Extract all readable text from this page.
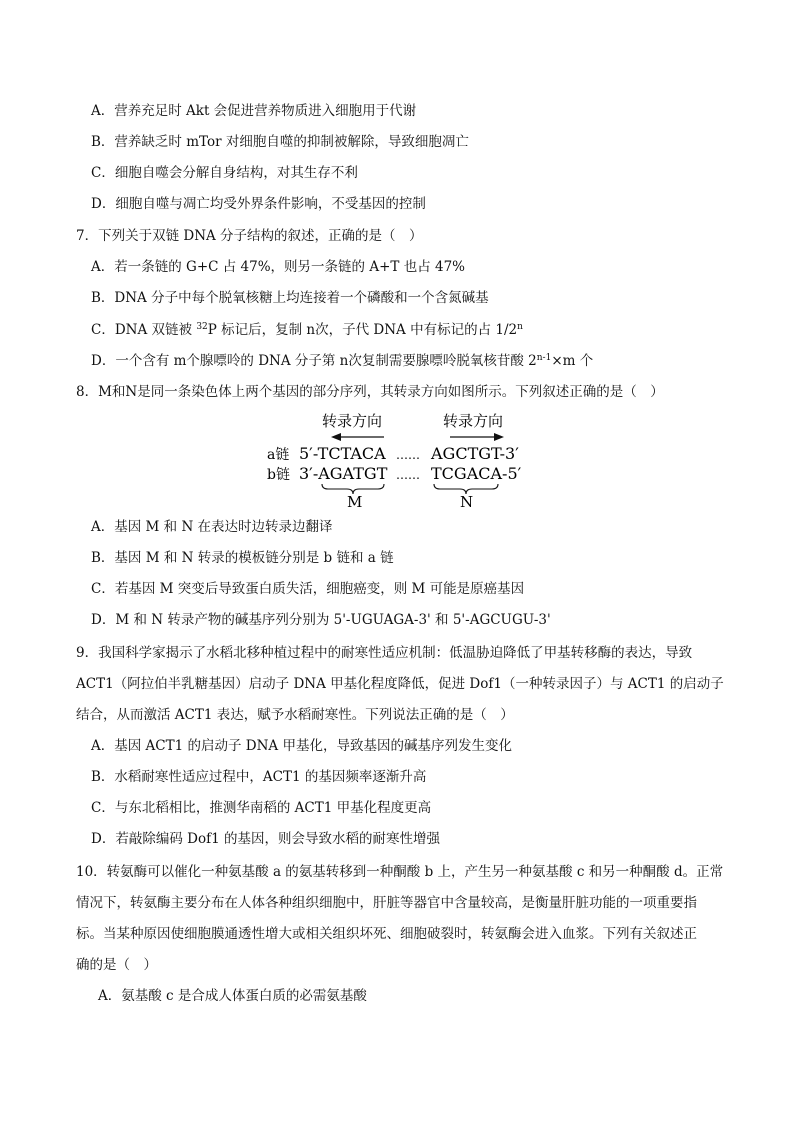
A．营养充足时 Akt 会促进营养物质进入细胞用于代谢
B．营养缺乏时 mTor 对细胞自噬的抑制被解除，导致细胞凋亡
C．细胞自噬会分解自身结构，对其生存不利
D．细胞自噬与凋亡均受外界条件影响，不受基因的控制
7．下列关于双链 DNA 分子结构的叙述，正确的是（　）
A．若一条链的 G+C 占 47%，则另一条链的 A+T 也占 47%
B．DNA 分子中每个脱氧核糖上均连接着一个磷酸和一个含氮碱基
C．DNA 双链被 $^{32}$P 标记后，复制 n次，子代 DNA 中有标记的占 1/2$^n$
D．一个含有 m个腺嘌呤的 DNA 分子第 n次复制需要腺嘌呤脱氧核苷酸 $2^{n-1}\times m$ 个
8．M和N是同一条染色体上两个基因的部分序列，其转录方向如图所示。下列叙述正确的是（　）
转录方向	转录方向
a链 5′-TCTACA …… AGCTGT-3′
b链 3′-AGATGT …… TCGACA-5′
M	N
A．基因 M 和 N 在表达时边转录边翻译
B．基因 M 和 N 转录的模板链分别是 b 链和 a 链
C．若基因 M 突变后导致蛋白质失活，细胞癌变，则 M 可能是原癌基因
D．M 和 N 转录产物的碱基序列分别为 5'-UGUAGA-3' 和 5'-AGCUGU-3'
9．我国科学家揭示了水稻北移种植过程中的耐寒性适应机制：低温胁迫降低了甲基转移酶的表达，导致
ACT1（阿拉伯半乳糖基因）启动子 DNA 甲基化程度降低，促进 Dof1（一种转录因子）与 ACT1 的启动子
结合，从而激活 ACT1 表达，赋予水稻耐寒性。下列说法正确的是（　）
A．基因 ACT1 的启动子 DNA 甲基化，导致基因的碱基序列发生变化
B．水稻耐寒性适应过程中，ACT1 的基因频率逐渐升高
C．与东北稻相比，推测华南稻的 ACT1 甲基化程度更高
D．若敲除编码 Dof1 的基因，则会导致水稻的耐寒性增强
10．转氨酶可以催化一种氨基酸 a 的氨基转移到一种酮酸 b 上，产生另一种氨基酸 c 和另一种酮酸 d。正常
情况下，转氨酶主要分布在人体各种组织细胞中，肝脏等器官中含量较高，是衡量肝脏功能的一项重要指
标。当某种原因使细胞膜通透性增大或相关组织坏死、细胞破裂时，转氨酶会进入血浆。下列有关叙述正
确的是（　）
A．氨基酸 c 是合成人体蛋白质的必需氨基酸
